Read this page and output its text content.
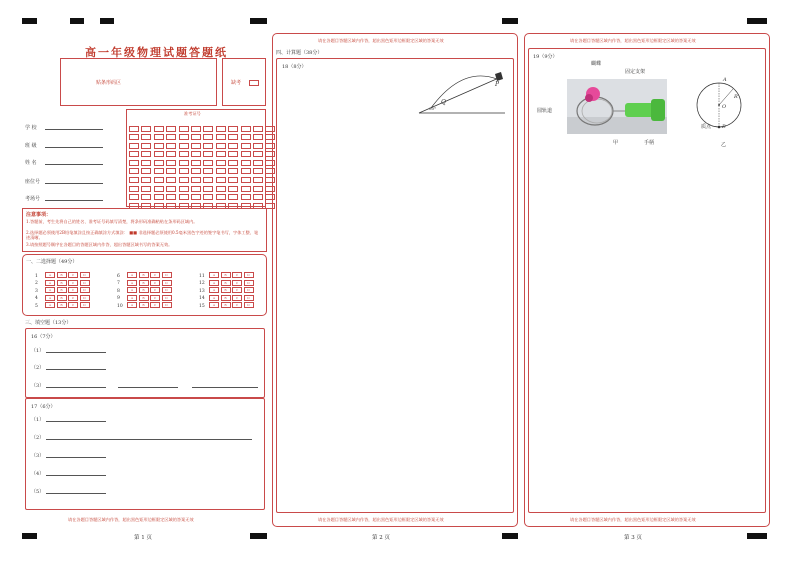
高一年级物理试题答题纸
贴条形码区	缺考
学 校
班 级
姓 名
座位号
考场号
准考证号
注意事项：
1.答题前，考生先将自己的姓名、准考证号码填写清楚，将条形码准确粘贴在条形码区域内。
2.选择题必须使用2B铅笔填涂且按正确填涂方式填涂： ■■ 非选择题必须使用0.5毫米黑色字迹的签字笔书写，字体工整、笔迹清晰。
3.请按照题号顺序在各题目的答题区域内作答，超出答题区域书写的答案无效。
一、二选择题（49分）
1	A	B	C	D
2	A	B	C	D
3	A	B	C	D
4	A	B	C	D
5	A	B	C	D
6	A	B	C	D
7	A	B	C	D
8	A	B	C	D
9	A	B	C	D
10	A	B	C	D
11	A	B	C	D
12	A	B	C	D
13	A	B	C	D
14	A	B	C	D
15	A	B	C	D
三、填空题（13分）
16（7分）
（1）
（2）
（3）
17（6分）
（1）
（2）
（3）
（4）
（5）
请在各题目答题区域内作答，超出黑色矩形边框限定区域的答案无效
第 1 页
请在各题目答题区域内作答，超出黑色矩形边框限定区域的答案无效
四、计算题（38分）
18（8分）
P
Q
30°
请在各题目答题区域内作答，超出黑色矩形边框限定区域的答案无效
第 2 页
请在各题目答题区域内作答，超出黑色矩形边框限定区域的答案无效
19（9分）
蝴蝶
固定支架
圆轨道
手柄
甲
A
R
O
B
质点
乙
请在各题目答题区域内作答，超出黑色矩形边框限定区域的答案无效
第 3 页
